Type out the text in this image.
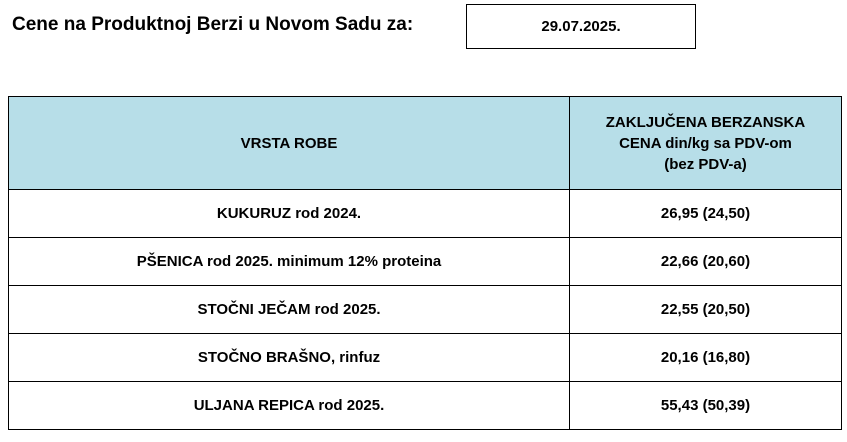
Cene na Produktnoj Berzi u Novom Sadu za:	29.07.2025.
VRSTA ROBE	ZAKLJUČENA BERZANSKA
CENA din/kg sa PDV-om
(bez PDV-a)
KUKURUZ rod 2024.	26,95 (24,50)
PŠENICA rod 2025. minimum 12% proteina	22,66 (20,60)
STOČNI JEČAM rod 2025.	22,55 (20,50)
STOČNO BRAŠNO, rinfuz	20,16 (16,80)
ULJANA REPICA rod 2025.	55,43 (50,39)
